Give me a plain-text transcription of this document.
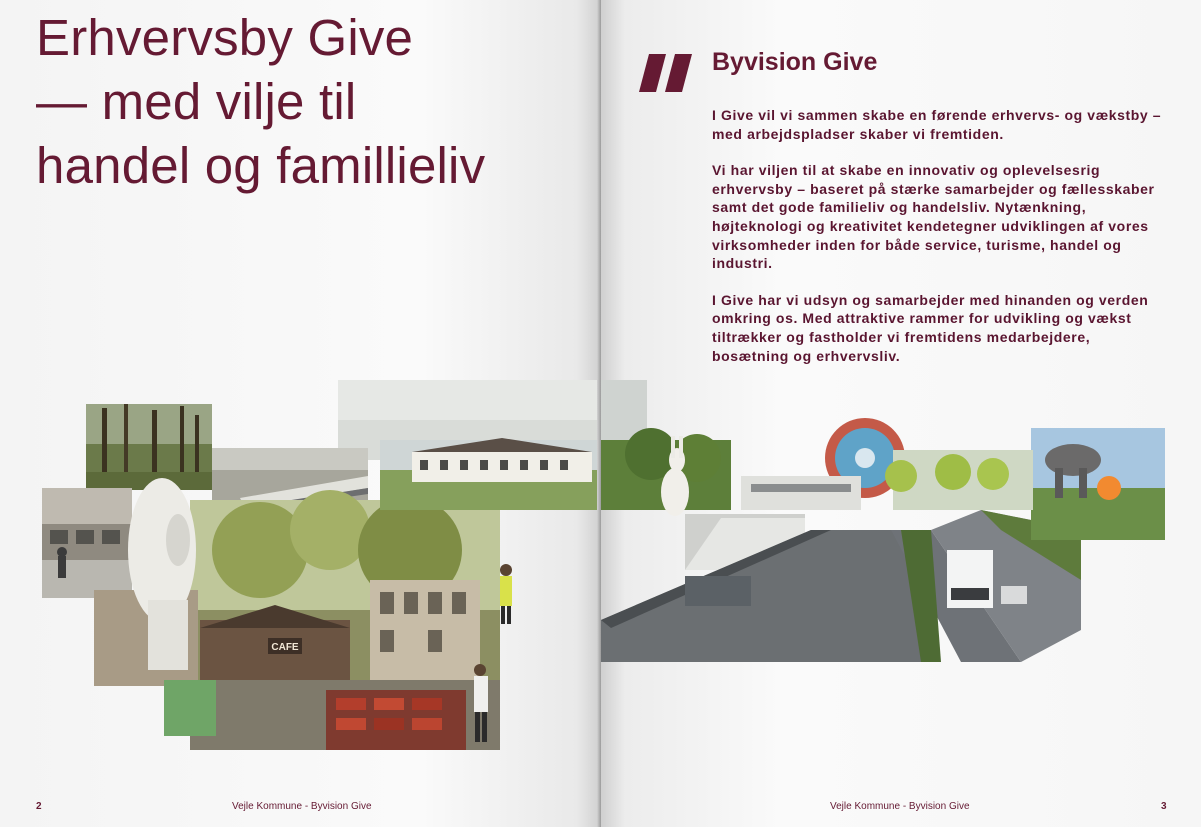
Erhvervsby Give
— med vilje til
handel og famillieliv
CAFE
2	Vejle Kommune - Byvision Give
Byvision Give

I Give vil vi sammen skabe en førende erhvervs- og vækstby – med arbejdspladser skaber vi fremtiden.

Vi har viljen til at skabe en innovativ og oplevelsesrig erhvervsby – baseret på stærke samarbejder og fællesskaber samt det gode familieliv og handelsliv. Nytænkning, højteknologi og kreativitet kendetegner udviklingen af vores virksomheder inden for både service, turisme, handel og industri.

I Give har vi udsyn og samarbejder med hinanden og verden omkring os. Med attraktive rammer for udvikling og vækst tiltrækker og fastholder vi fremtidens medarbejdere, bosætning og erhvervsliv.

Vejle Kommune - Byvision Give	3
